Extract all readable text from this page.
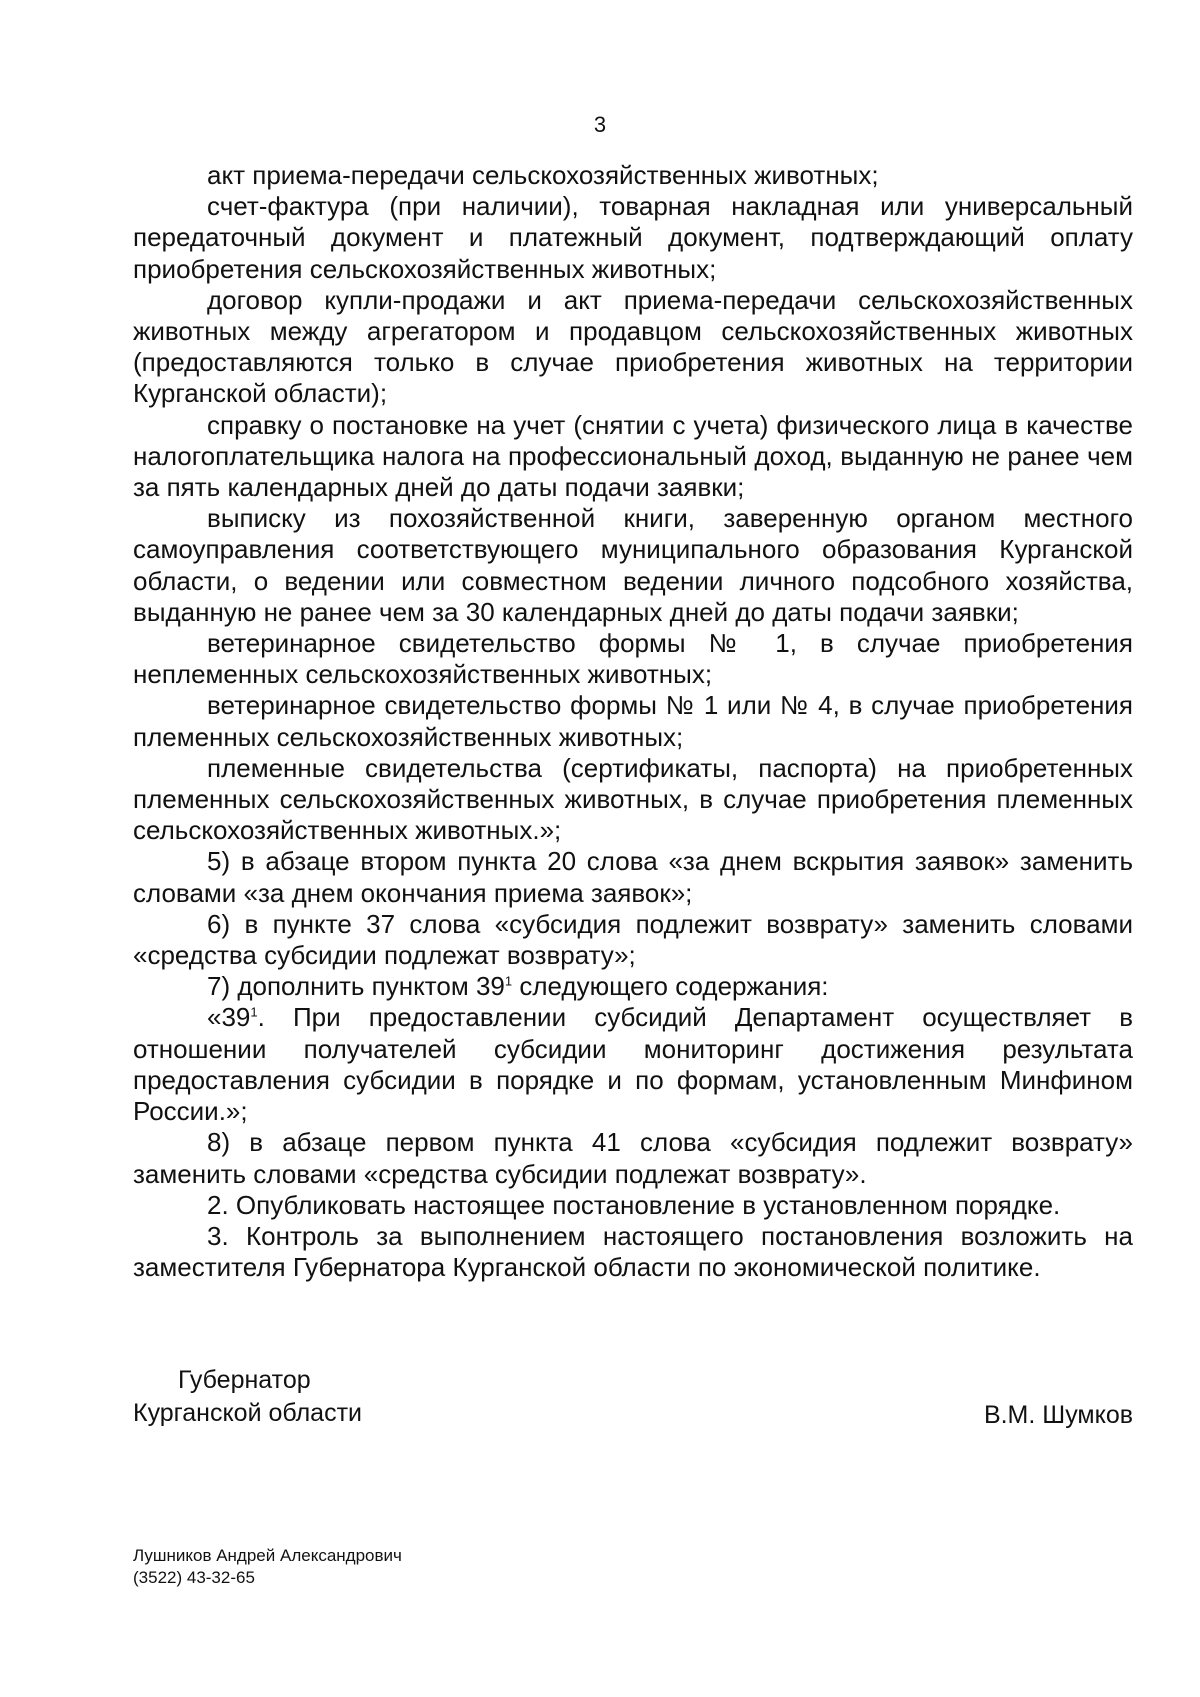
3

акт приема-передачи сельскохозяйственных животных;

счет-фактура (при наличии), товарная накладная или универсальный передаточный документ и платежный документ, подтверждающий оплату приобретения сельскохозяйственных животных;

договор купли-продажи и акт приема-передачи сельскохозяйственных животных между агрегатором и продавцом сельскохозяйственных животных (предоставляются только в случае приобретения животных на территории Курганской области);

справку о постановке на учет (снятии с учета) физического лица в качестве налогоплательщика налога на профессиональный доход, выданную не ранее чем за пять календарных дней до даты подачи заявки;

выписку из похозяйственной книги, заверенную органом местного самоуправления соответствующего муниципального образования Курганской области, о ведении или совместном ведении личного подсобного хозяйства, выданную не ранее чем за 30 календарных дней до даты подачи заявки;

ветеринарное свидетельство формы № 1, в случае приобретения неплеменных сельскохозяйственных животных;

ветеринарное свидетельство формы № 1 или № 4, в случае приобретения племенных сельскохозяйственных животных;

племенные свидетельства (сертификаты, паспорта) на приобретенных племенных сельскохозяйственных животных, в случае приобретения племенных сельскохозяйственных животных.»;

5) в абзаце втором пункта 20 слова «за днем вскрытия заявок» заменить словами «за днем окончания приема заявок»;

6) в пункте 37 слова «субсидия подлежит возврату» заменить словами «средства субсидии подлежат возврату»;

7) дополнить пунктом $39^1$ следующего содержания:

«$39^1$. При предоставлении субсидий Департамент осуществляет в отношении получателей субсидии мониторинг достижения результата предоставления субсидии в порядке и по формам, установленным Минфином России.»;

8) в абзаце первом пункта 41 слова «субсидия подлежит возврату» заменить словами «средства субсидии подлежат возврату».

2. Опубликовать настоящее постановление в установленном порядке.

3. Контроль за выполнением настоящего постановления возложить на заместителя Губернатора Курганской области по экономической политике.

Губернатор
Курганской области	В.М. Шумков
Лушников Андрей Александрович
(3522) 43-32-65
